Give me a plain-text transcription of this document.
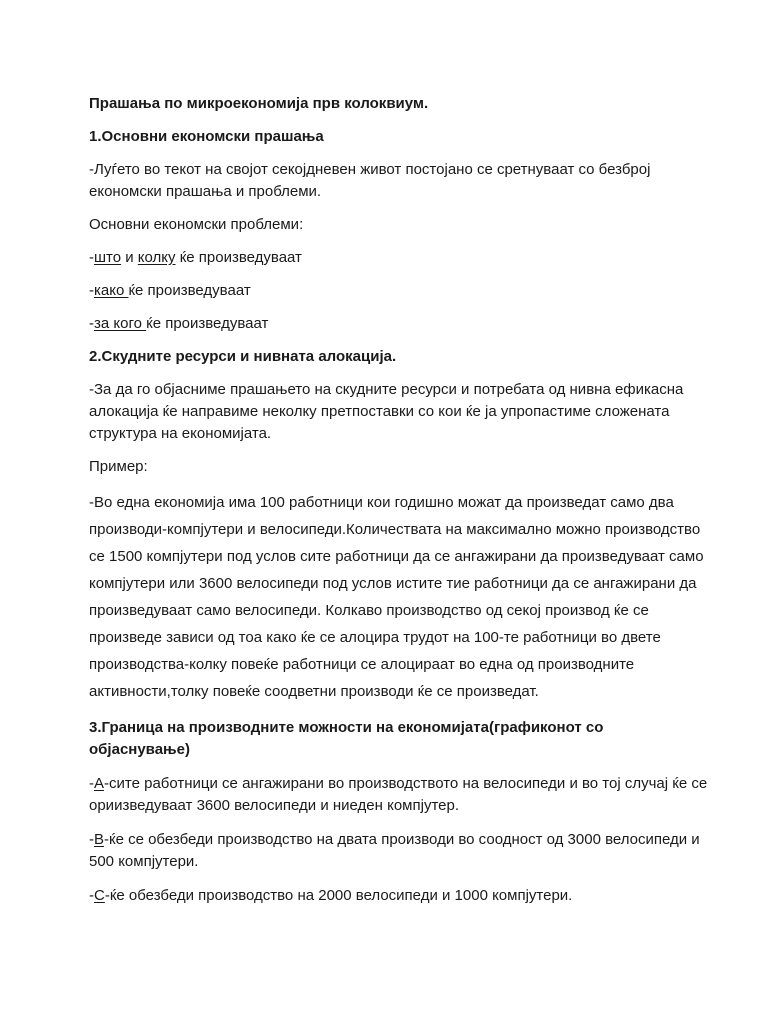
Прашања по микроекономија прв колоквиум.

1.Основни економски прашања

-Луѓето во текот на својот секојдневен живот постојано се сретнуваат со безброј економски прашања и проблеми.

Основни економски проблеми:

-што и колку ќе произведуваат

-како ќе произведуваат

-за кого ќе произведуваат

2.Скудните ресурси и нивната алокација.

-За да го објасниме прашањето на скудните ресурси и потребата од нивна ефикасна алокација ќе направиме неколку претпоставки со кои ќе ја упропастиме сложената структура на економијата.

Пример:

-Во една економија има 100 работници кои годишно можат да произведат само два производи-компјутери и велосипеди.Количествата на максимално можно производство се 1500 компјутери под услов сите работници да се ангажирани да произведуваат само компјутери или 3600 велосипеди под услов истите тие работници да се ангажирани да произведуваат само велосипеди. Колкаво производство од секој производ ќе се произведе зависи од тоа како ќе се алоцира трудот на 100-те работници во двете производства-колку повеќе работници се алоцираат во една од производните активности,толку повеќе соодветни производи ќе се произведат.

3.Граница на производните можности на економијата(графиконот со објаснување)

-А-сите работници се ангажирани во производството на велосипеди и во тој случај ќе се ориизведуваат 3600 велосипеди и ниеден компјутер.

-В-ќе се обезбеди производство на двата производи во соодност од 3000 велосипеди и 500 компјутери.

-С-ќе обезбеди производство на 2000 велосипеди и 1000 компјутери.
